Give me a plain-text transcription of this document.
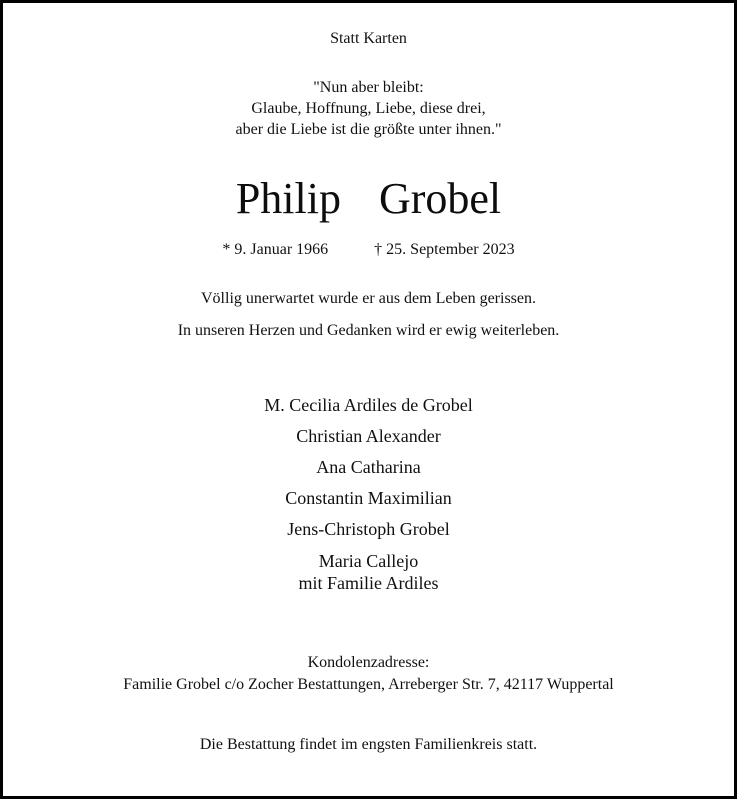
Statt Karten
"Nun aber bleibt:
Glaube, Hoffnung, Liebe, diese drei,
aber die Liebe ist die größte unter ihnen."
Philip  Grobel
* 9. Januar 1966	† 25. September 2023
Völlig unerwartet wurde er aus dem Leben gerissen.
In unseren Herzen und Gedanken wird er ewig weiterleben.
M. Cecilia Ardiles de Grobel
Christian Alexander
Ana Catharina
Constantin Maximilian
Jens-Christoph Grobel
Maria Callejo
mit Familie Ardiles
Kondolenzadresse:
Familie Grobel c/o Zocher Bestattungen, Arreberger Str. 7, 42117 Wuppertal
Die Bestattung findet im engsten Familienkreis statt.
